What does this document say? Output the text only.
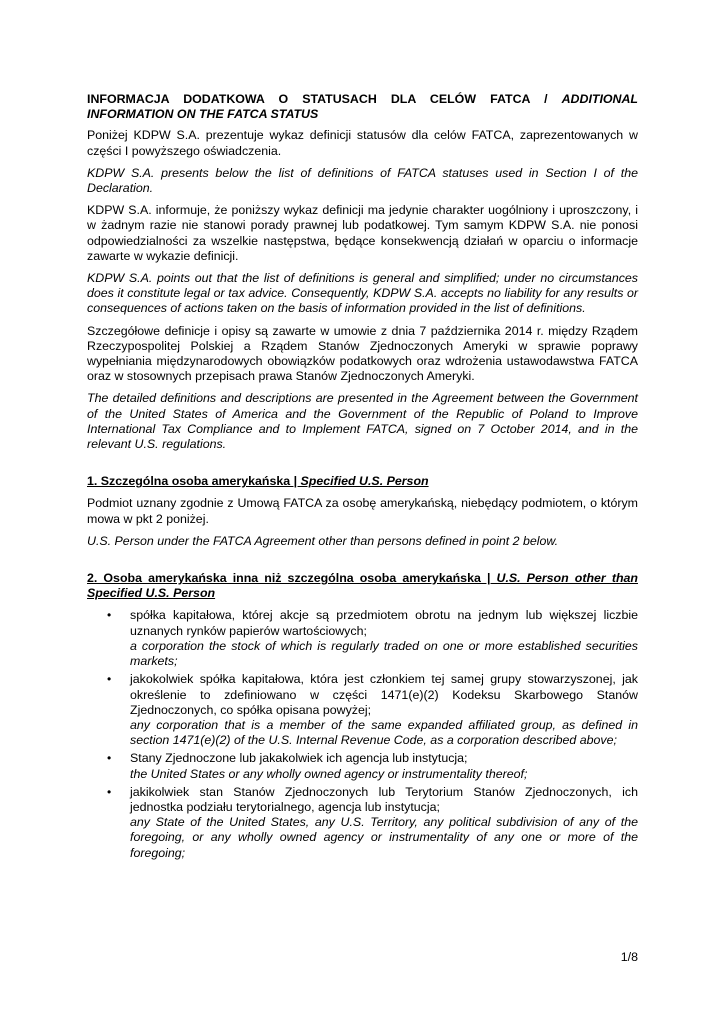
INFORMACJA DODATKOWA O STATUSACH DLA CELÓW FATCA / ADDITIONAL INFORMATION ON THE FATCA STATUS

Poniżej KDPW S.A. prezentuje wykaz definicji statusów dla celów FATCA, zaprezentowanych w części I powyższego oświadczenia.

KDPW S.A. presents below the list of definitions of FATCA statuses used in Section I of the Declaration.

KDPW S.A. informuje, że poniższy wykaz definicji ma jedynie charakter uogólniony i uproszczony, i w żadnym razie nie stanowi porady prawnej lub podatkowej. Tym samym KDPW S.A. nie ponosi odpowiedzialności za wszelkie następstwa, będące konsekwencją działań w oparciu o informacje zawarte w wykazie definicji.

KDPW S.A. points out that the list of definitions is general and simplified; under no circumstances does it constitute legal or tax advice. Consequently, KDPW S.A. accepts no liability for any results or consequences of actions taken on the basis of information provided in the list of definitions.

Szczegółowe definicje i opisy są zawarte w umowie z dnia 7 października 2014 r. między Rządem Rzeczypospolitej Polskiej a Rządem Stanów Zjednoczonych Ameryki w sprawie poprawy wypełniania międzynarodowych obowiązków podatkowych oraz wdrożenia ustawodawstwa FATCA oraz w stosownych przepisach prawa Stanów Zjednoczonych Ameryki.

The detailed definitions and descriptions are presented in the Agreement between the Government of the United States of America and the Government of the Republic of Poland to Improve International Tax Compliance and to Implement FATCA, signed on 7 October 2014, and in the relevant U.S. regulations.

1. Szczególna osoba amerykańska | Specified U.S. Person

Podmiot uznany zgodnie z Umową FATCA za osobę amerykańską, niebędący podmiotem, o którym mowa w pkt 2 poniżej.

U.S. Person under the FATCA Agreement other than persons defined in point 2 below.

2. Osoba amerykańska inna niż szczególna osoba amerykańska | U.S. Person other than Specified U.S. Person

• spółka kapitałowa, której akcje są przedmiotem obrotu na jednym lub większej liczbie uznanych rynków papierów wartościowych;
a corporation the stock of which is regularly traded on one or more established securities markets;
• jakokolwiek spółka kapitałowa, która jest członkiem tej samej grupy stowarzyszonej, jak określenie to zdefiniowano w części 1471(e)(2) Kodeksu Skarbowego Stanów Zjednoczonych, co spółka opisana powyżej;
any corporation that is a member of the same expanded affiliated group, as defined in section 1471(e)(2) of the U.S. Internal Revenue Code, as a corporation described above;
• Stany Zjednoczone lub jakakolwiek ich agencja lub instytucja;
the United States or any wholly owned agency or instrumentality thereof;
• jakikolwiek stan Stanów Zjednoczonych lub Terytorium Stanów Zjednoczonych, ich jednostka podziału terytorialnego, agencja lub instytucja;
any State of the United States, any U.S. Territory, any political subdivision of any of the foregoing, or any wholly owned agency or instrumentality of any one or more of the foregoing;
1/8
